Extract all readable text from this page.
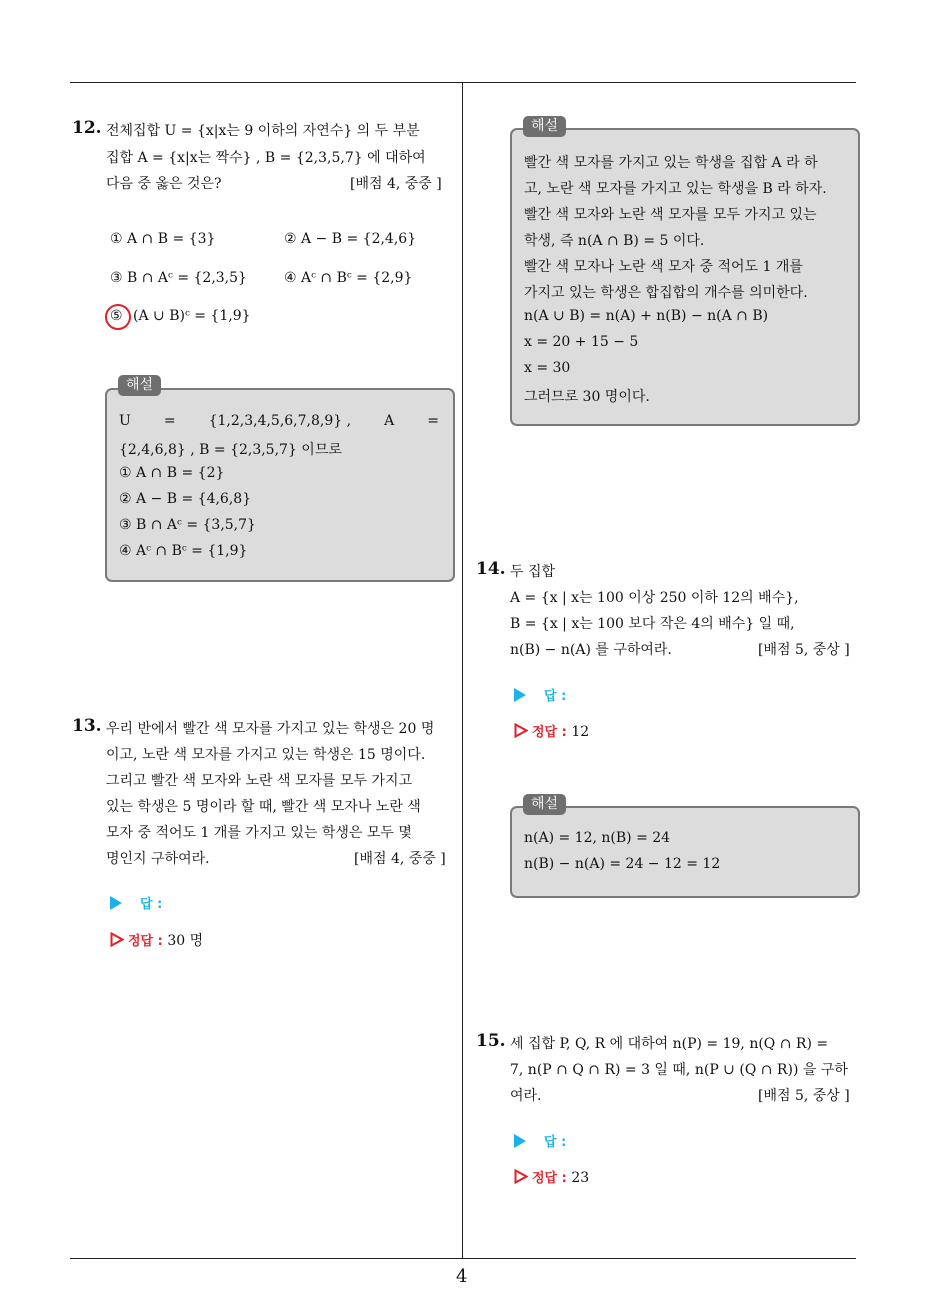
4
12. 전체집합 U = {x|x는 9 이하의 자연수} 의 두 부분
집합 A = {x|x는 짝수} , B = {2,3,5,7} 에 대하여
다음 중 옳은 것은?	[배점 4, 중중 ]
① A ∩ B = {3}	② A − B = {2,4,6}
③ B ∩ Aᶜ = {2,3,5}	④ Aᶜ ∩ Bᶜ = {2,9}
⑤ (A ∪ B)ᶜ = {1,9}
U = {1,2,3,4,5,6,7,8,9} , A =
{2,4,6,8} , B = {2,3,5,7} 이므로
① A ∩ B = {2}
② A − B = {4,6,8}
③ B ∩ Aᶜ = {3,5,7}
④ Aᶜ ∩ Bᶜ = {1,9}
해설
13. 우리 반에서 빨간 색 모자를 가지고 있는 학생은 20 명
이고, 노란 색 모자를 가지고 있는 학생은 15 명이다.
그리고 빨간 색 모자와 노란 색 모자를 모두 가지고
있는 학생은 5 명이라 할 때, 빨간 색 모자나 노란 색
모자 중 적어도 1 개를 가지고 있는 학생은 모두 몇
명인지 구하여라.	[배점 4, 중중 ]
답 :
정답 : 30 명
빨간 색 모자를 가지고 있는 학생을 집합 A 라 하
고, 노란 색 모자를 가지고 있는 학생을 B 라 하자.
빨간 색 모자와 노란 색 모자를 모두 가지고 있는
학생, 즉 n(A ∩ B) = 5 이다.
빨간 색 모자나 노란 색 모자 중 적어도 1 개를
가지고 있는 학생은 합집합의 개수를 의미한다.
n(A ∪ B) = n(A) + n(B) − n(A ∩ B)
x = 20 + 15 − 5
x = 30
그러므로 30 명이다.
해설
14. 두 집합
A = {x | x는 100 이상 250 이하 12의 배수},
B = {x | x는 100 보다 작은 4의 배수} 일 때,
n(B) − n(A) 를 구하여라.	[배점 5, 중상 ]
답 :
정답 : 12
n(A) = 12, n(B) = 24
n(B) − n(A) = 24 − 12 = 12
해설
15. 세 집합 P, Q, R 에 대하여 n(P) = 19, n(Q ∩ R) =
7, n(P ∩ Q ∩ R) = 3 일 때, n(P ∪ (Q ∩ R)) 을 구하
여라.	[배점 5, 중상 ]
답 :
정답 : 23
